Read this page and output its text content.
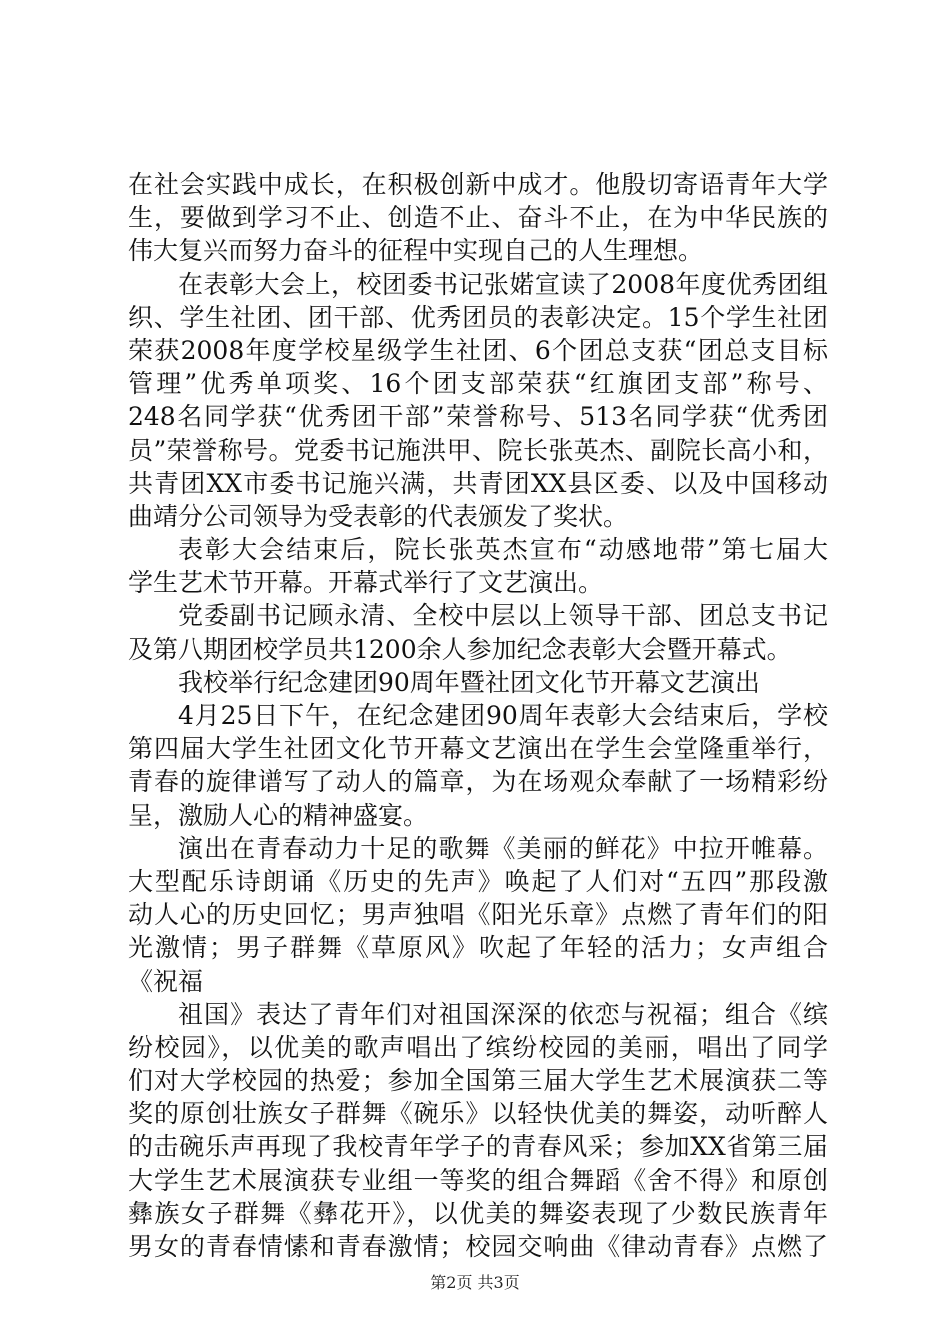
在社会实践中成长，在积极创新中成才。他殷切寄语青年大学
生，要做到学习不止、创造不止、奋斗不止，在为中华民族的
伟大复兴而努力奋斗的征程中实现自己的人生理想。
在表彰大会上，校团委书记张婼宣读了2008年度优秀团组
织、学生社团、团干部、优秀团员的表彰决定。15个学生社团
荣获2008年度学校星级学生社团、6个团总支获“团总支目标
管理”优秀单项奖、16个团支部荣获“红旗团支部”称号、
248名同学获“优秀团干部”荣誉称号、513名同学获“优秀团
员”荣誉称号。党委书记施洪甲、院长张英杰、副院长高小和，
共青团XX市委书记施兴满，共青团XX县区委、以及中国移动
曲靖分公司领导为受表彰的代表颁发了奖状。
表彰大会结束后，院长张英杰宣布“动感地带”第七届大
学生艺术节开幕。开幕式举行了文艺演出。
党委副书记顾永清、全校中层以上领导干部、团总支书记
及第八期团校学员共1200余人参加纪念表彰大会暨开幕式。
我校举行纪念建团90周年暨社团文化节开幕文艺演出
4月25日下午，在纪念建团90周年表彰大会结束后，学校
第四届大学生社团文化节开幕文艺演出在学生会堂隆重举行，
青春的旋律谱写了动人的篇章，为在场观众奉献了一场精彩纷
呈，激励人心的精神盛宴。
演出在青春动力十足的歌舞《美丽的鲜花》中拉开帷幕。
大型配乐诗朗诵《历史的先声》唤起了人们对“五四”那段激
动人心的历史回忆；男声独唱《阳光乐章》点燃了青年们的阳
光激情；男子群舞《草原风》吹起了年轻的活力；女声组合
《祝福
祖国》表达了青年们对祖国深深的依恋与祝福；组合《缤
纷校园》，以优美的歌声唱出了缤纷校园的美丽，唱出了同学
们对大学校园的热爱；参加全国第三届大学生艺术展演获二等
奖的原创壮族女子群舞《碗乐》以轻快优美的舞姿，动听醉人
的击碗乐声再现了我校青年学子的青春风采；参加XX省第三届
大学生艺术展演获专业组一等奖的组合舞蹈《舍不得》和原创
彝族女子群舞《彝花开》，以优美的舞姿表现了少数民族青年
男女的青春情愫和青春激情；校园交响曲《律动青春》点燃了
第2页 共3页
